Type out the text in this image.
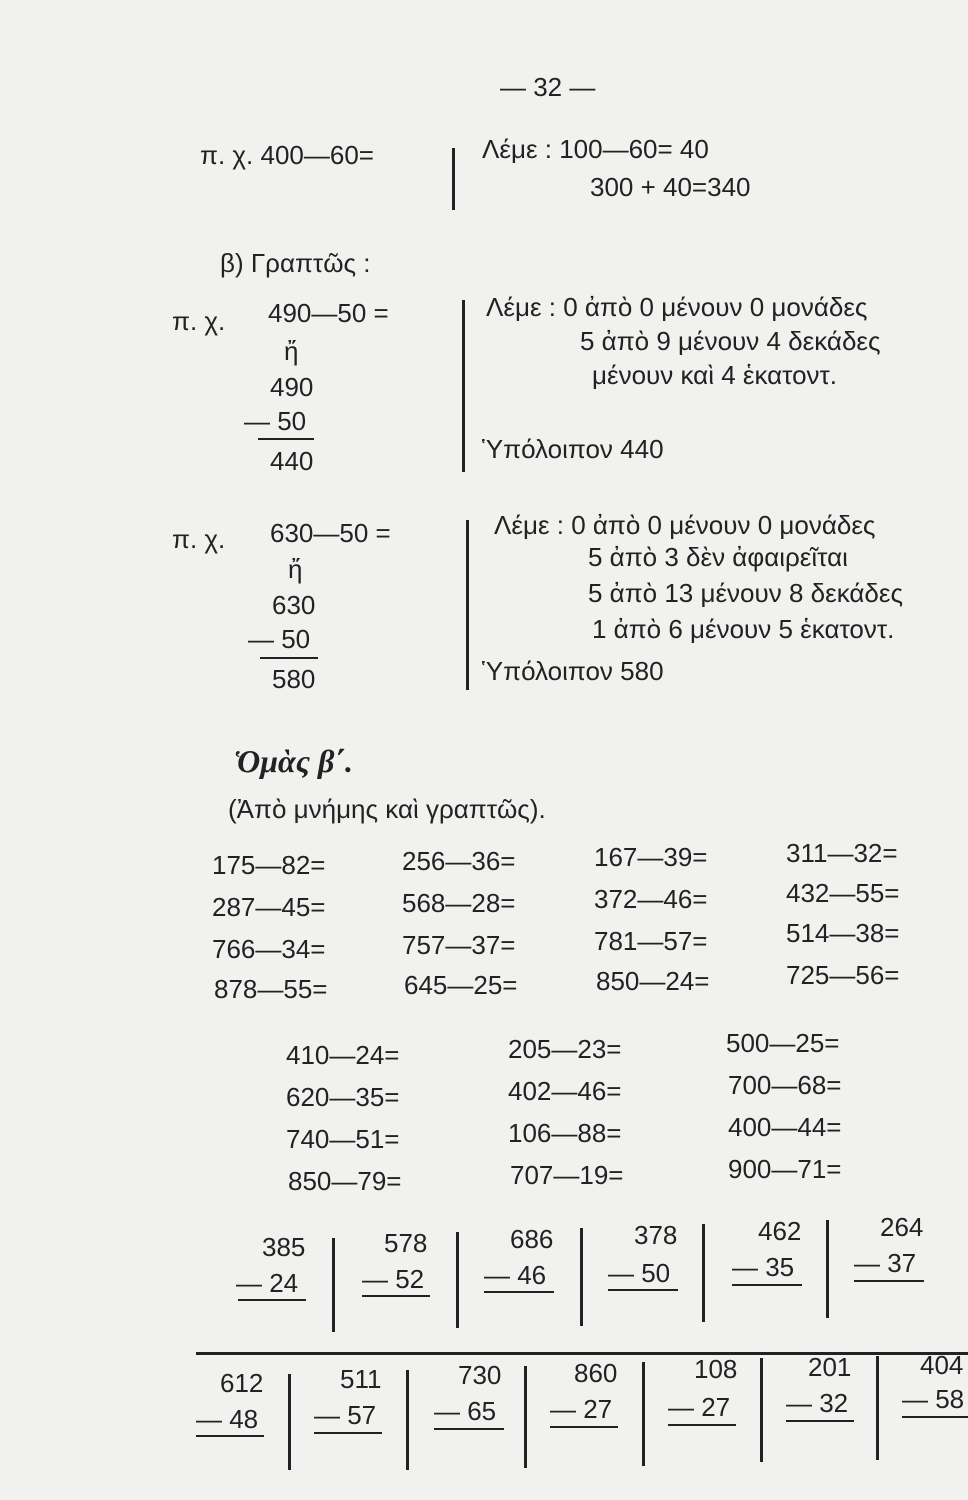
— 32 —
π. χ. 400—60=	Λέμε : 100—60= 40
300 + 40=340
β) Γραπτῶς :
π. χ. 490—50 =
ἤ
490
— 50
440
Λέμε : 0 ἀπὸ 0 μένουν 0 μονάδες
5 ἀπὸ 9 μένουν 4 δεκάδες
μένουν καὶ 4 ἑκατοντ.
Ὑπόλοιπον 440
π. χ. 630—50 =
ἤ
630
— 50
580
Λέμε : 0 ἀπὸ 0 μένουν 0 μονάδες
5 ἀπὸ 3 δὲν ἀφαιρεῖται
5 ἀπὸ 13 μένουν 8 δεκάδες
1 ἀπὸ 6 μένουν 5 ἑκατοντ.
Ὑπόλοιπον 580
Ὁμὰς β΄.
(Ἀπὸ μνήμης καὶ γραπτῶς).
175—82=	256—36=	167—39=	311—32=
287—45=	568—28=	372—46=	432—55=
766—34=	757—37=	781—57=	514—38=
878—55=	645—25=	850—24=	725—56=
410—24=	205—23=	500—25=
620—35=	402—46=	700—68=
740—51=	106—88=	400—44=
850—79=	707—19=	900—71=
385
— 24
578
— 52
686
— 46
378
— 50
462
— 35
264
— 37
612
— 48
511
— 57
730
— 65
860
— 27
108
— 27
201
— 32
404
— 58
